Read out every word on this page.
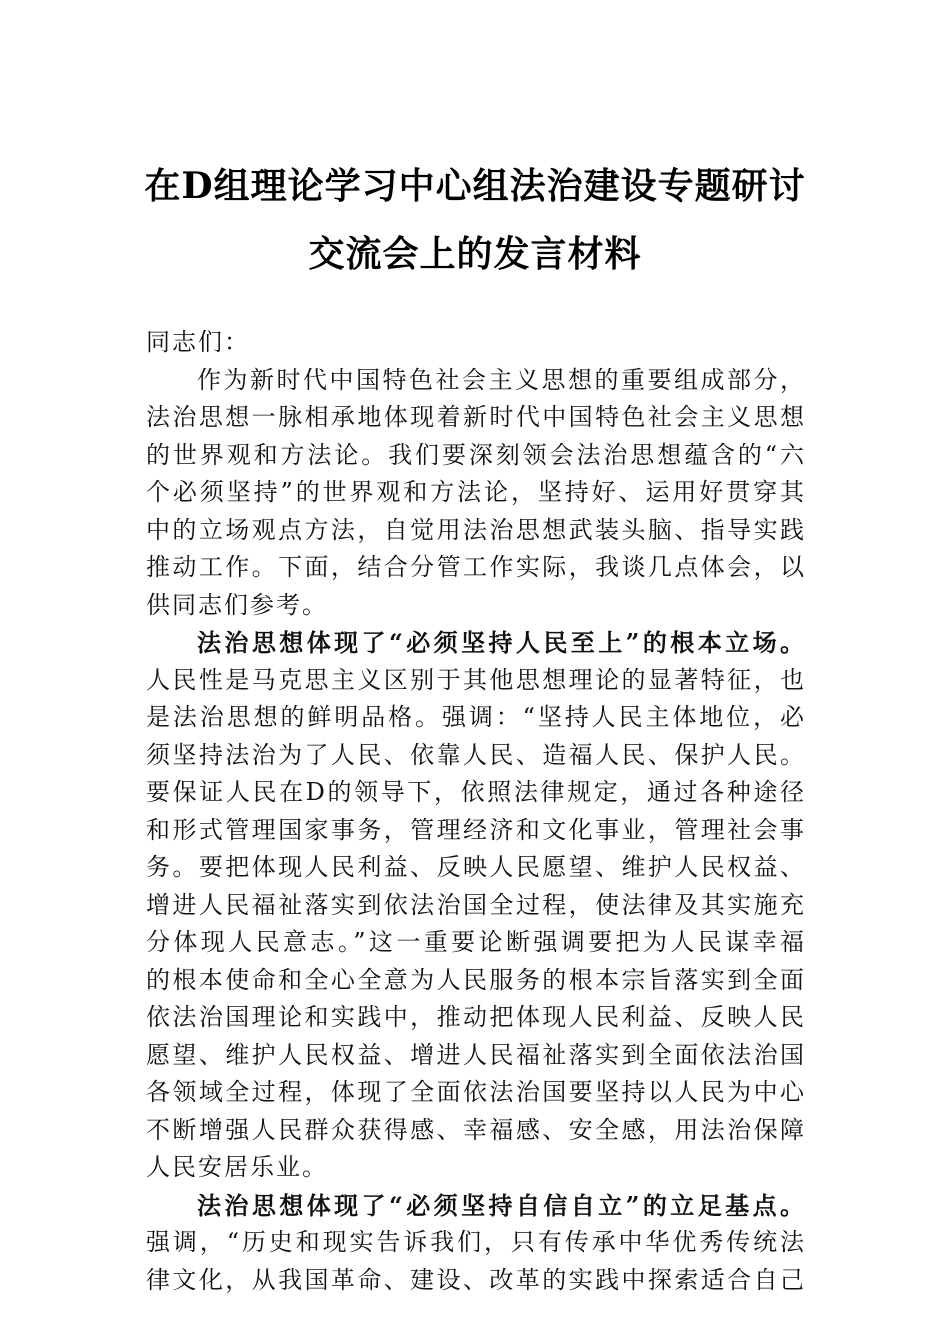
在D组理论学习中心组法治建设专题研讨
交流会上的发言材料
同志们：
作为新时代中国特色社会主义思想的重要组成部分，
法治思想一脉相承地体现着新时代中国特色社会主义思想
的世界观和方法论。我们要深刻领会法治思想蕴含的“六
个必须坚持”的世界观和方法论，坚持好、运用好贯穿其
中的立场观点方法，自觉用法治思想武装头脑、指导实践
推动工作。下面，结合分管工作实际，我谈几点体会，以
供同志们参考。
法治思想体现了“必须坚持人民至上”的根本立场。
人民性是马克思主义区别于其他思想理论的显著特征，也
是法治思想的鲜明品格。强调：“坚持人民主体地位，必
须坚持法治为了人民、依靠人民、造福人民、保护人民。
要保证人民在D的领导下，依照法律规定，通过各种途径
和形式管理国家事务，管理经济和文化事业，管理社会事
务。要把体现人民利益、反映人民愿望、维护人民权益、
增进人民福祉落实到依法治国全过程，使法律及其实施充
分体现人民意志。”这一重要论断强调要把为人民谋幸福
的根本使命和全心全意为人民服务的根本宗旨落实到全面
依法治国理论和实践中，推动把体现人民利益、反映人民
愿望、维护人民权益、增进人民福祉落实到全面依法治国
各领域全过程，体现了全面依法治国要坚持以人民为中心
不断增强人民群众获得感、幸福感、安全感，用法治保障
人民安居乐业。
法治思想体现了“必须坚持自信自立”的立足基点。
强调，“历史和现实告诉我们，只有传承中华优秀传统法
律文化，从我国革命、建设、改革的实践中探索适合自己
